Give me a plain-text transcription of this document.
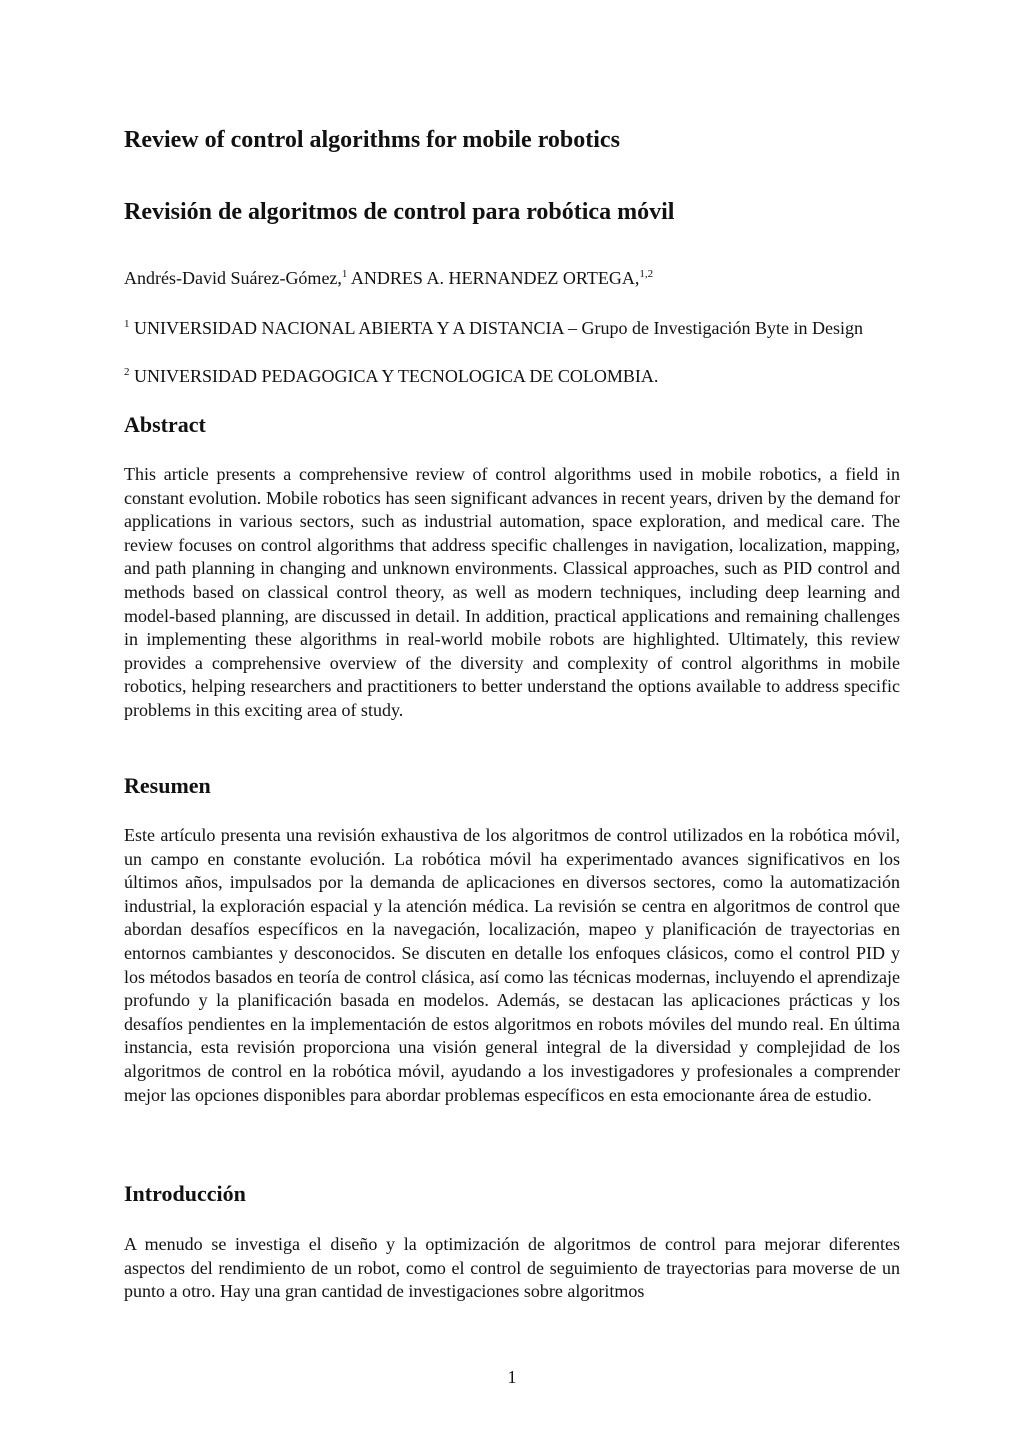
Review of control algorithms for mobile robotics
Revisión de algoritmos de control para robótica móvil
Andrés-David Suárez-Gómez,$^1$ ANDRES A. HERNANDEZ ORTEGA,$^{1,2}$
$^1$ UNIVERSIDAD NACIONAL ABIERTA Y A DISTANCIA – Grupo de Investigación Byte in Design
$^2$ UNIVERSIDAD PEDAGOGICA Y TECNOLOGICA DE COLOMBIA.
Abstract
This article presents a comprehensive review of control algorithms used in mobile robotics, a field in constant evolution. Mobile robotics has seen significant advances in recent years, driven by the demand for applications in various sectors, such as industrial automation, space exploration, and medical care. The review focuses on control algorithms that address specific challenges in navigation, localization, mapping, and path planning in changing and unknown environments. Classical approaches, such as PID control and methods based on classical control theory, as well as modern techniques, including deep learning and model-based planning, are discussed in detail. In addition, practical applications and remaining challenges in implementing these algorithms in real-world mobile robots are highlighted. Ultimately, this review provides a comprehensive overview of the diversity and complexity of control algorithms in mobile robotics, helping researchers and practitioners to better understand the options available to address specific problems in this exciting area of study.
Resumen
Este artículo presenta una revisión exhaustiva de los algoritmos de control utilizados en la robótica móvil, un campo en constante evolución. La robótica móvil ha experimentado avances significativos en los últimos años, impulsados por la demanda de aplicaciones en diversos sectores, como la automatización industrial, la exploración espacial y la atención médica. La revisión se centra en algoritmos de control que abordan desafíos específicos en la navegación, localización, mapeo y planificación de trayectorias en entornos cambiantes y desconocidos. Se discuten en detalle los enfoques clásicos, como el control PID y los métodos basados en teoría de control clásica, así como las técnicas modernas, incluyendo el aprendizaje profundo y la planificación basada en modelos. Además, se destacan las aplicaciones prácticas y los desafíos pendientes en la implementación de estos algoritmos en robots móviles del mundo real. En última instancia, esta revisión proporciona una visión general integral de la diversidad y complejidad de los algoritmos de control en la robótica móvil, ayudando a los investigadores y profesionales a comprender mejor las opciones disponibles para abordar problemas específicos en esta emocionante área de estudio.
Introducción
A menudo se investiga el diseño y la optimización de algoritmos de control para mejorar diferentes aspectos del rendimiento de un robot, como el control de seguimiento de trayectorias para moverse de un punto a otro. Hay una gran cantidad de investigaciones sobre algoritmos
1
